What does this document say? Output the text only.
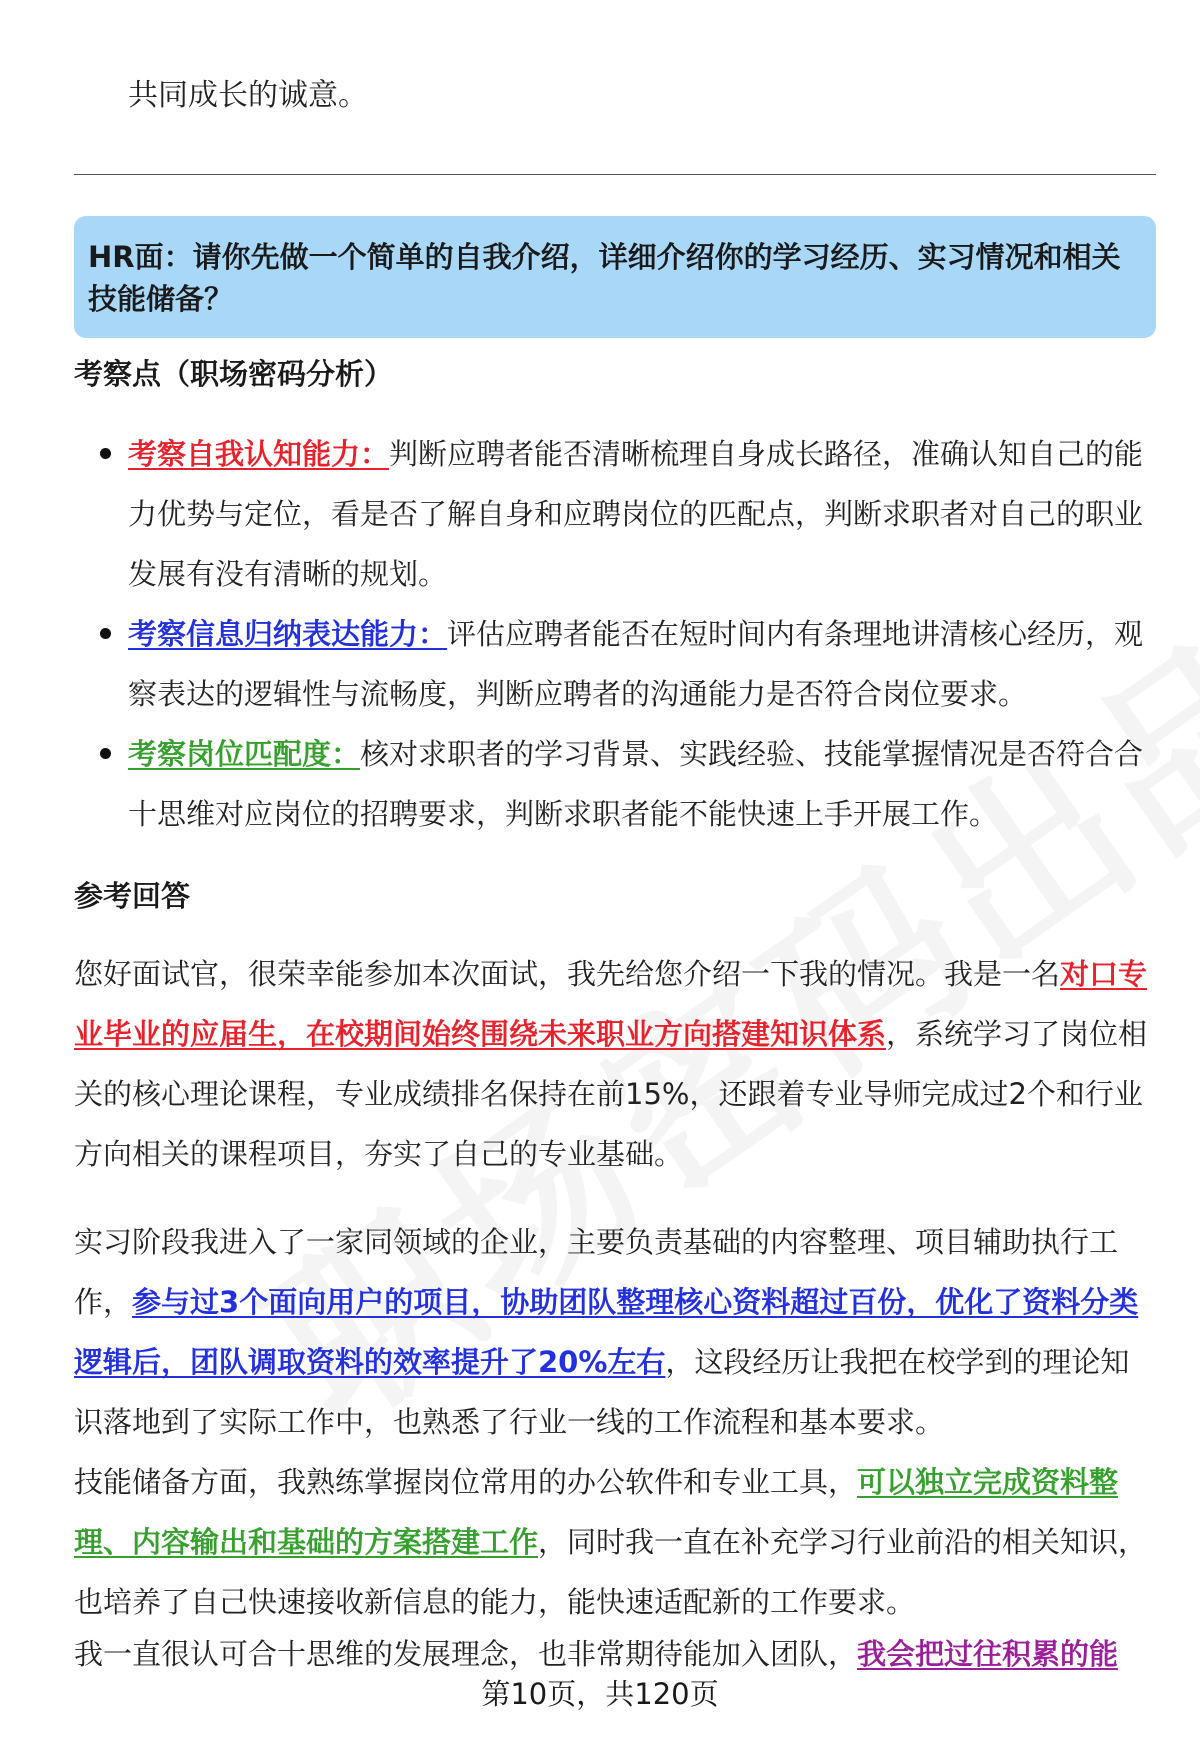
共同成长的诚意。
HR面：请你先做一个简单的自我介绍，详细介绍你的学习经历、实习情况和相关技能储备？
考察点（职场密码分析）
考察自我认知能力：判断应聘者能否清晰梳理自身成长路径，准确认知自己的能力优势与定位，看是否了解自身和应聘岗位的匹配点，判断求职者对自己的职业发展有没有清晰的规划。
考察信息归纳表达能力：评估应聘者能否在短时间内有条理地讲清核心经历，观察表达的逻辑性与流畅度，判断应聘者的沟通能力是否符合岗位要求。
考察岗位匹配度：核对求职者的学习背景、实践经验、技能掌握情况是否符合合十思维对应岗位的招聘要求，判断求职者能不能快速上手开展工作。
参考回答
您好面试官，很荣幸能参加本次面试，我先给您介绍一下我的情况。我是一名对口专业毕业的应届生，在校期间始终围绕未来职业方向搭建知识体系，系统学习了岗位相关的核心理论课程，专业成绩排名保持在前15%，还跟着专业导师完成过2个和行业方向相关的课程项目，夯实了自己的专业基础。
实习阶段我进入了一家同领域的企业，主要负责基础的内容整理、项目辅助执行工作，参与过3个面向用户的项目，协助团队整理核心资料超过百份，优化了资料分类逻辑后，团队调取资料的效率提升了20%左右，这段经历让我把在校学到的理论知识落地到了实际工作中，也熟悉了行业一线的工作流程和基本要求。
技能储备方面，我熟练掌握岗位常用的办公软件和专业工具，可以独立完成资料整理、内容输出和基础的方案搭建工作，同时我一直在补充学习行业前沿的相关知识，也培养了自己快速接收新信息的能力，能快速适配新的工作要求。
我一直很认可合十思维的发展理念，也非常期待能加入团队，我会把过往积累的能
第10页，共120页
